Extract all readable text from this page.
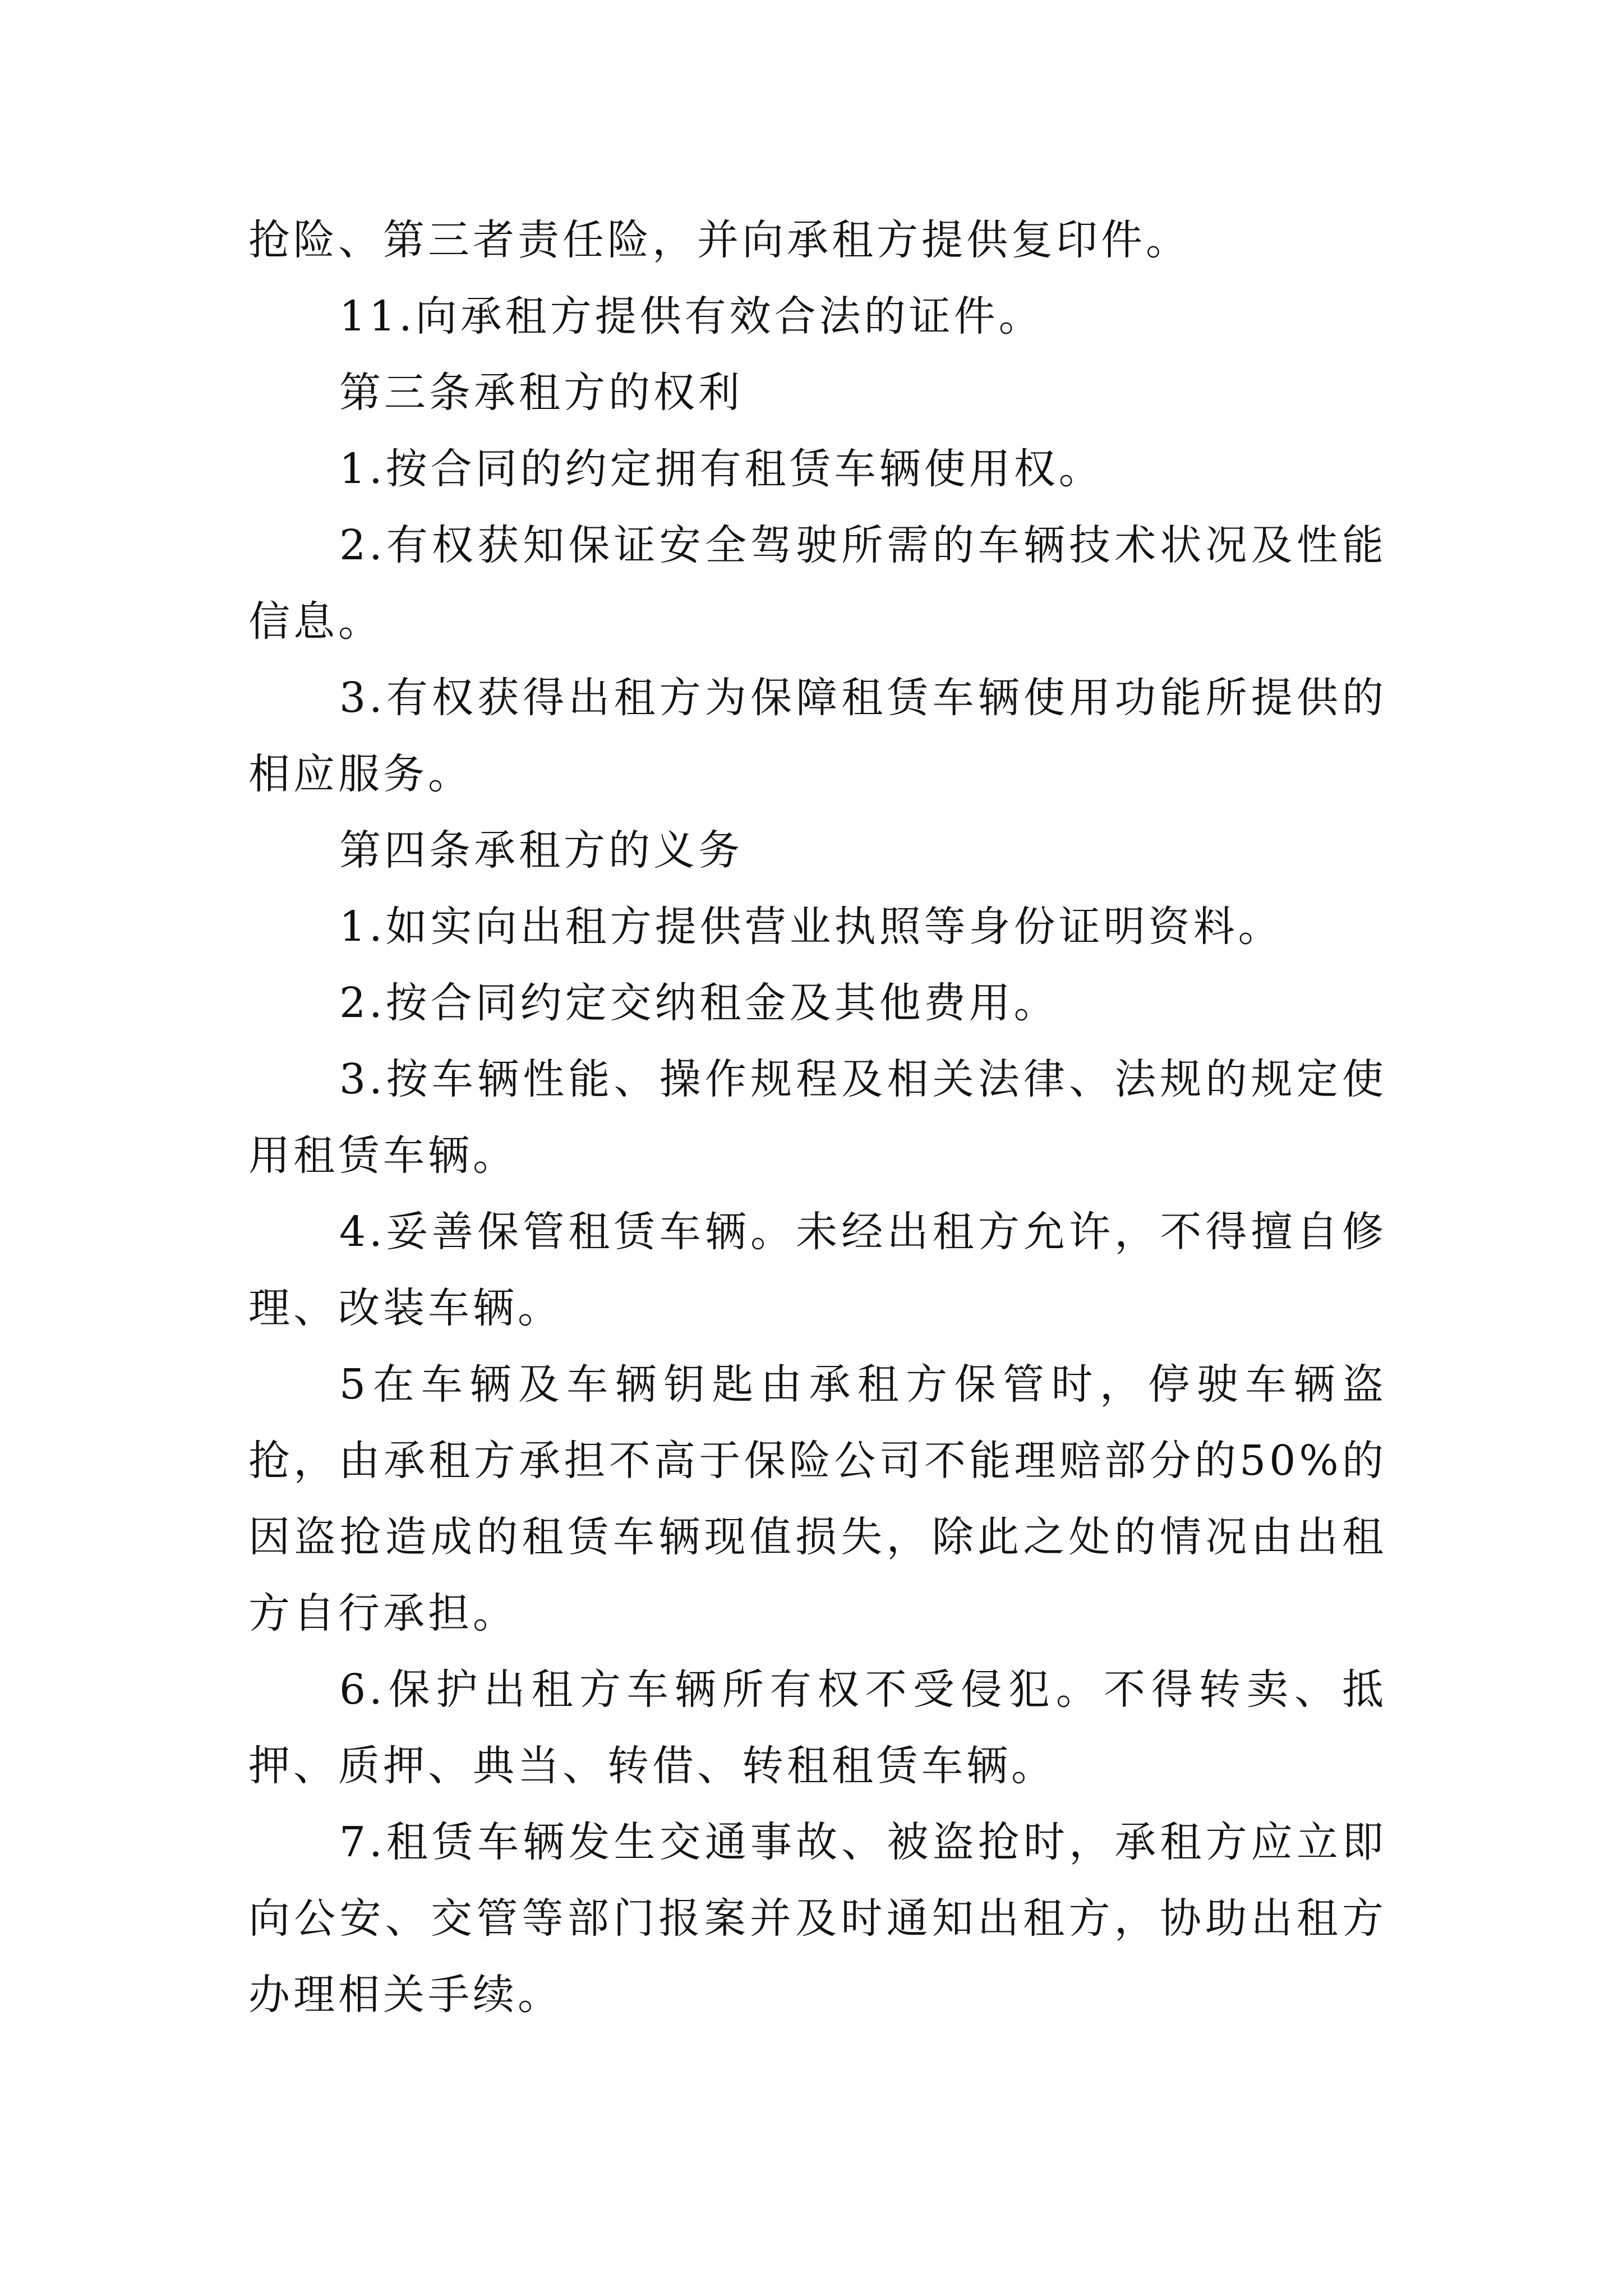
抢险、第三者责任险，并向承租方提供复印件。

11.向承租方提供有效合法的证件。

第三条承租方的权利

1.按合同的约定拥有租赁车辆使用权。

2.有权获知保证安全驾驶所需的车辆技术状况及性能信息。

3.有权获得出租方为保障租赁车辆使用功能所提供的相应服务。

第四条承租方的义务

1.如实向出租方提供营业执照等身份证明资料。

2.按合同约定交纳租金及其他费用。

3.按车辆性能、操作规程及相关法律、法规的规定使用租赁车辆。

4.妥善保管租赁车辆。未经出租方允许，不得擅自修理、改装车辆。

5在车辆及车辆钥匙由承租方保管时，停驶车辆盗抢，由承租方承担不高于保险公司不能理赔部分的50%的因盗抢造成的租赁车辆现值损失，除此之处的情况由出租方自行承担。

6.保护出租方车辆所有权不受侵犯。不得转卖、抵押、质押、典当、转借、转租租赁车辆。

7.租赁车辆发生交通事故、被盗抢时，承租方应立即向公安、交管等部门报案并及时通知出租方，协助出租方办理相关手续。
